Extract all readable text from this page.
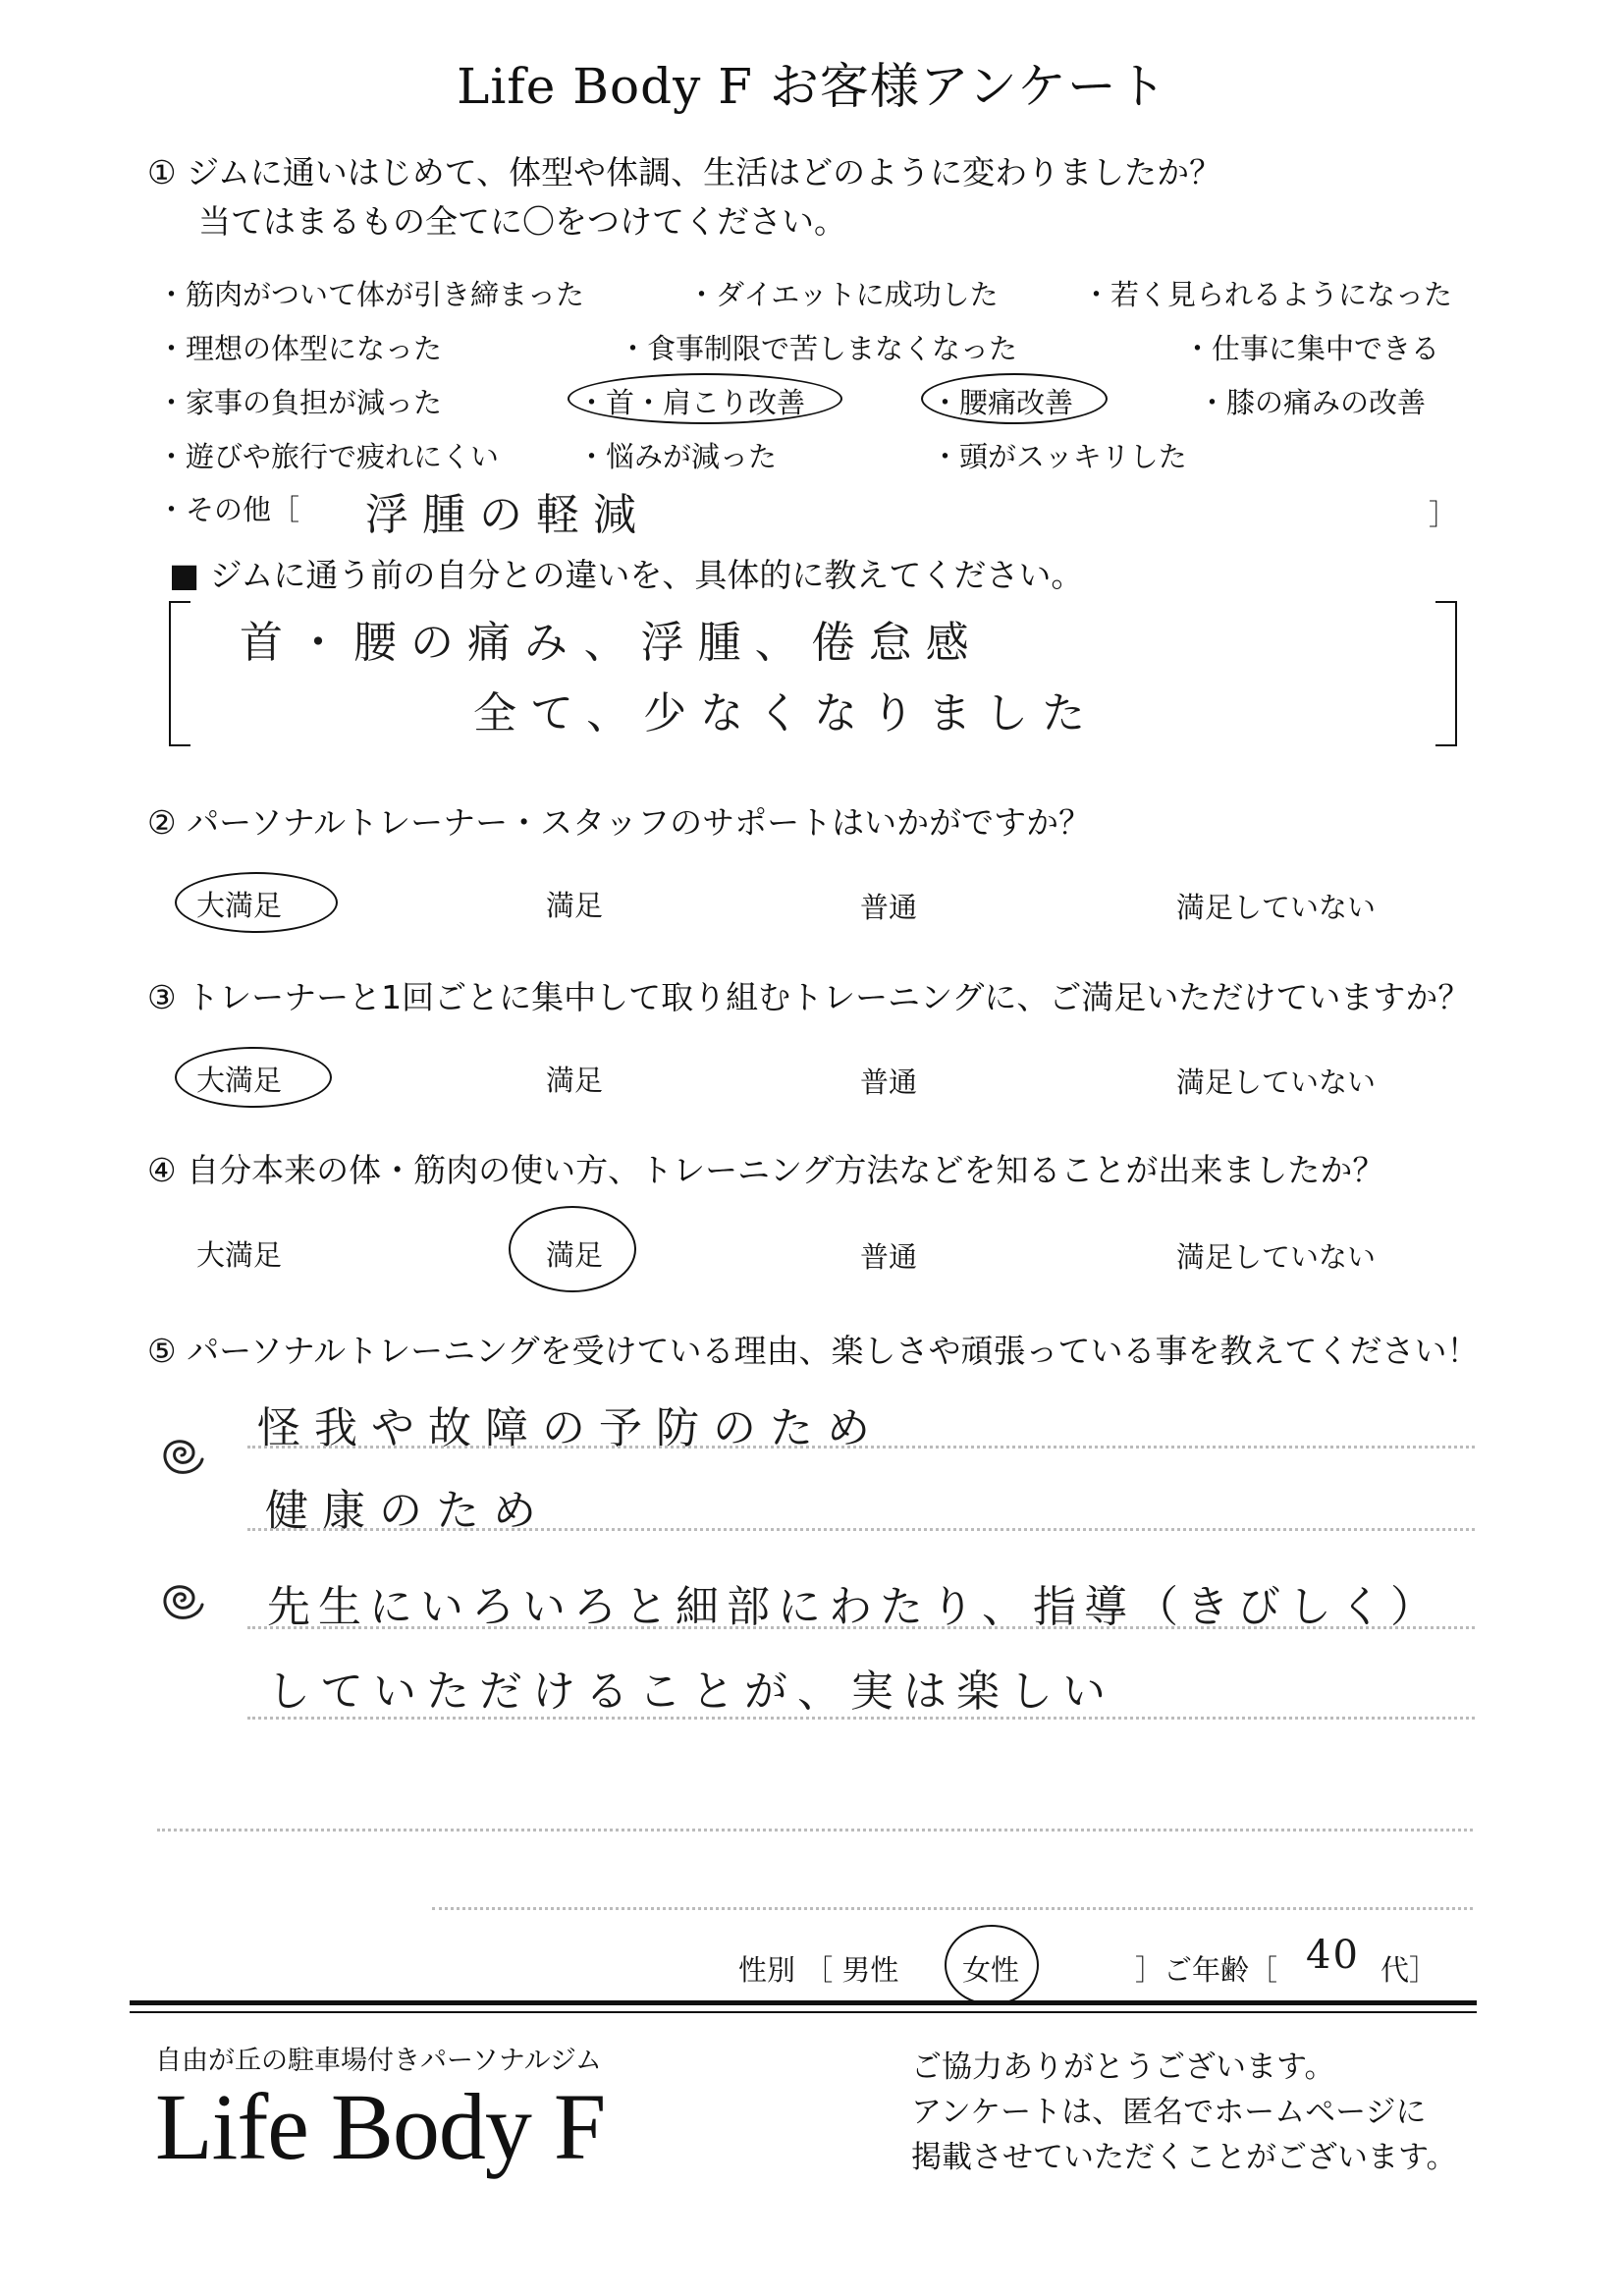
Life Body F お客様アンケート
① ジムに通いはじめて、体型や体調、生活はどのように変わりましたか？
当てはまるもの全てに〇をつけてください。
・筋肉がついて体が引き締まった	・ダイエットに成功した	・若く見られるようになった
・理想の体型になった	・食事制限で苦しまなくなった	・仕事に集中できる
・家事の負担が減った	・首・肩こり改善	・腰痛改善	・膝の痛みの改善
・遊びや旅行で疲れにくい	・悩みが減った	・頭がスッキリした
・その他［ 浮腫の軽減	］
■ ジムに通う前の自分との違いを、具体的に教えてください。
首・腰の痛み、浮腫、倦怠感
全て、少なくなりました
② パーソナルトレーナー・スタッフのサポートはいかがですか？
大満足	満足	普通	満足していない
③ トレーナーと1回ごとに集中して取り組むトレーニングに、ご満足いただけていますか？
大満足	満足	普通	満足していない
④ 自分本来の体・筋肉の使い方、トレーニング方法などを知ることが出来ましたか？
大満足	満足	普通	満足していない
⑤ パーソナルトレーニングを受けている理由、楽しさや頑張っている事を教えてください！
怪我や故障の予防のため
健康のため
先生にいろいろと細部にわたり、指導（きびしく）
していただけることが、実は楽しい
性別 ［ 男性 女性	］ご年齢［ 40 代］
自由が丘の駐車場付きパーソナルジム
Life Body F
ご協力ありがとうございます。
アンケートは、匿名でホームページに
掲載させていただくことがございます。
